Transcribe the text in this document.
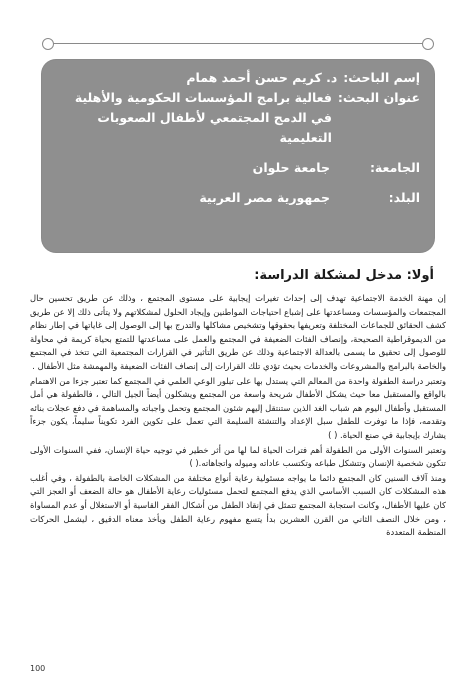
إسم الباحث:
د. كريم حسن أحمد همام
عنوان البحث:
فعالية برامج المؤسسات الحكومية والأهلية في الدمج المجتمعي لأطفال الصعوبات التعليمية
الجامعة:
جامعة حلوان
البلد:
جمهورية مصر العربية
أولا: مدخل لمشكلة الدراسة:

إن مهنة الخدمة الاجتماعية تهدف إلى إحداث تغيرات إيجابية على مستوى المجتمع ، وذلك عن طريق تحسين حال المجتمعات والمؤسسات ومساعدتها على إشباع احتياجات المواطنين وإيجاد الحلول لمشكلاتهم ولا يتأتى ذلك إلا عن طريق كشف الحقائق للجماعات المختلفة وتعريفها بحقوقها وتشخيص مشاكلها والتدرج بها إلى الوصول إلى غاياتها في إطار نظام من الديموقراطية الصحيحة، وإنصاف الفئات الضعيفة في المجتمع والعمل على مساعدتها للتمتع بحياة كريمة في محاولة للوصول إلى تحقيق ما يسمى بالعدالة الاجتماعية وذلك عن طريق التأثير في القرارات المجتمعية التي تتخذ في المجتمع والخاصة بالبرامج والمشروعات والخدمات بحيث تؤدي تلك القرارات إلى إنصاف الفئات الضعيفة والمهمشة مثل الأطفال .

وتعتبر دراسة الطفولة واحدة من المعالم التي يستدل بها على تبلور الوعي العلمي في المجتمع كما تعتبر جزءا من الاهتمام بالواقع والمستقبل معا حيث يشكل الأطفال شريحة واسعة من المجتمع ويشكلون أيضاً الجيل التالي ، فالطفولة هي أمل المستقبل وأطفال اليوم هم شباب الغد الذين ستنتقل إليهم شئون المجتمع وتحمل واجباته والمساهمة في دفع عجلات بنائه وتقدمه، فإذا ما توفرت للطفل سبل الإعداد والتنشئة السليمة التي تعمل على تكوين الفرد تكويناً سليماً، يكون جزءاً يشارك بإيجابية في صنع الحياة. ( )

وتعتبر السنوات الأولى من الطفولة أهم فترات الحياة لما لها من أثر خطير في توجيه حياة الإنسان، ففي السنوات الأولى تتكون شخصية الإنسان وتتشكل طباعه وتكتسب عاداته وميوله واتجاهاته.( )

ومنذ آلاف السنين كان المجتمع دائما ما يواجه مسئولية رعاية أنواع مختلفة من المشكلات الخاصة بالطفولة ، وفي أغلب هذه المشكلات كان السبب الأساسي الذي يدفع المجتمع لتحمل مسئوليات رعاية الأطفال هو حالة الضعف أو العجز التي كان عليها الأطفال، وكانت استجابة المجتمع تتمثل في إنقاذ الطفل من أشكال الفقر القاسية أو الاستغلال أو عدم المساواة ، ومن خلال النصف الثاني من القرن العشرين بدأ يتسع مفهوم رعاية الطفل ويأخذ معناه الدقيق ، ليشمل الحركات المنظمة المتعددة

100
